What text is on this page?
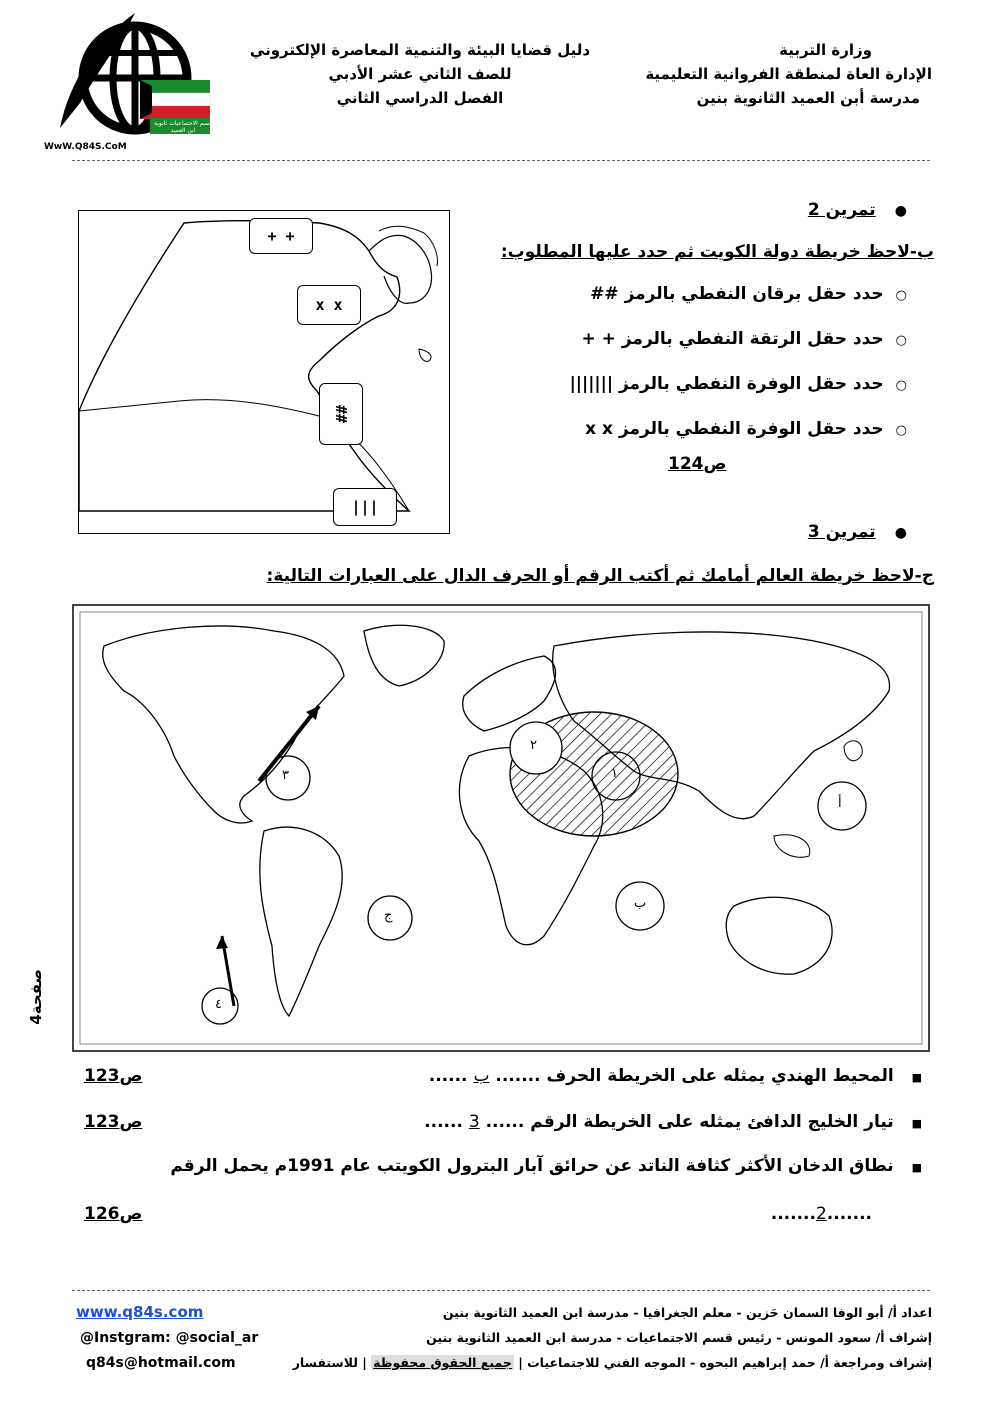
وزارة التربية
الإدارة العاة لمنطقة الفروانية التعليمية
مدرسة أبن العميد الثانوية بنين
دليل قضايا البيئة والتنمية المعاصرة الإلكتروني
للصف الثاني عشر الأدبي
الفصل الدراسي الثاني
قسم الاجتماعيات ثانوية ابن العميد
WwW.Q84S.CoM
● تمرين 2
ب-لاحظ خريطة دولة الكويت ثم حدد عليها المطلوب:
○حدد حقل برقان النفطي بالرمز ##
○حدد حقل الرتقة النفطي بالرمز + +
○حدد حقل الوفرة النفطي بالرمز |||||||
○حدد حقل الوفرة النفطي بالرمز x x
ص124
+ +
x x
##
|||
● تمرين 3
ج-لاحظ خريطة العالم أمامك ثم أكتب الرقم أو الحرف الدال على العبارات التالية:
٢
١
٣
أ
ب
ج
٤
صفحة4
■ المحيط الهندي يمثله على الخريطة الحرف ....... ب ......
ص123
■ تيار الخليج الدافئ يمثله على الخريطة الرقم ...... 3 ......
ص123
■ نطاق الدخان الأكثر كثافة الناتد عن حرائق آبار البترول الكويتب عام 1991م يحمل الرقم
.......2.......
ص126
اعداد أ/ أبو الوفا السمان حَزين - معلم الجغرافيا - مدرسة ابن العميد الثانوية بنين
إشراف أ/ سعود المونس - رئيس قسم الاجتماعيات - مدرسة ابن العميد الثانوية بنين
إشراف ومراجعة أ/ حمد إبراهيم البحوه - الموجه الفني للاجتماعيات | جميع الحقوق محفوظة | للاستفسار
www.q84s.com
@Instgram: @social_ar
q84s@hotmail.com
